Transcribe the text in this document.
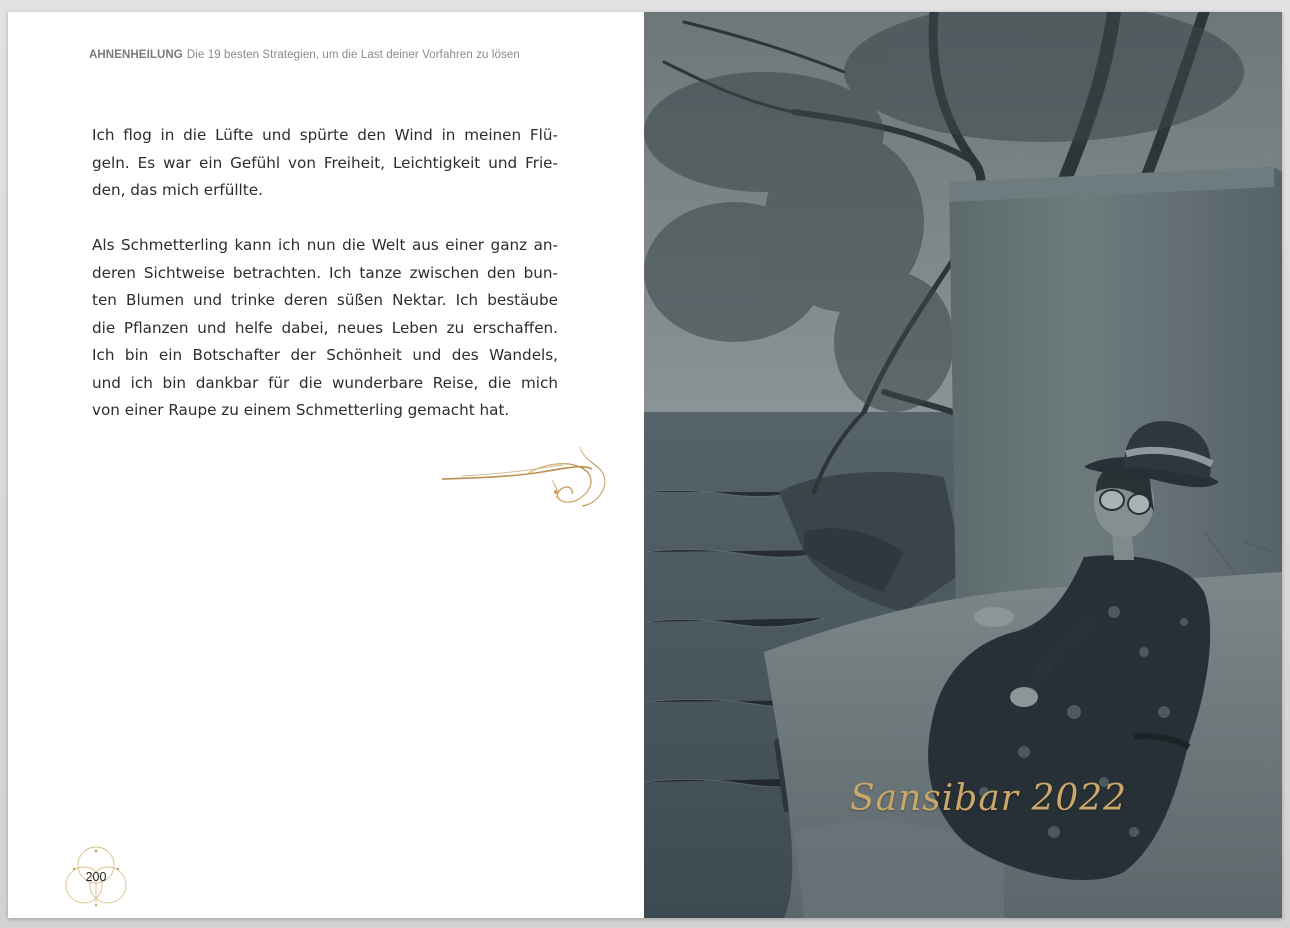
AHNENHEILUNG Die 19 besten Strategien, um die Last deiner Vorfahren zu lösen
Ich flog in die Lüfte und spürte den Wind in meinen Flü-
geln. Es war ein Gefühl von Freiheit, Leichtigkeit und Frie-
den, das mich erfüllte.
Als Schmetterling kann ich nun die Welt aus einer ganz an-
deren Sichtweise betrachten. Ich tanze zwischen den bun-
ten Blumen und trinke deren süßen Nektar. Ich bestäube
die Pflanzen und helfe dabei, neues Leben zu erschaffen.
Ich bin ein Botschafter der Schönheit und des Wandels,
und ich bin dankbar für die wunderbare Reise, die mich
von einer Raupe zu einem Schmetterling gemacht hat.
200
Sansibar 2022
